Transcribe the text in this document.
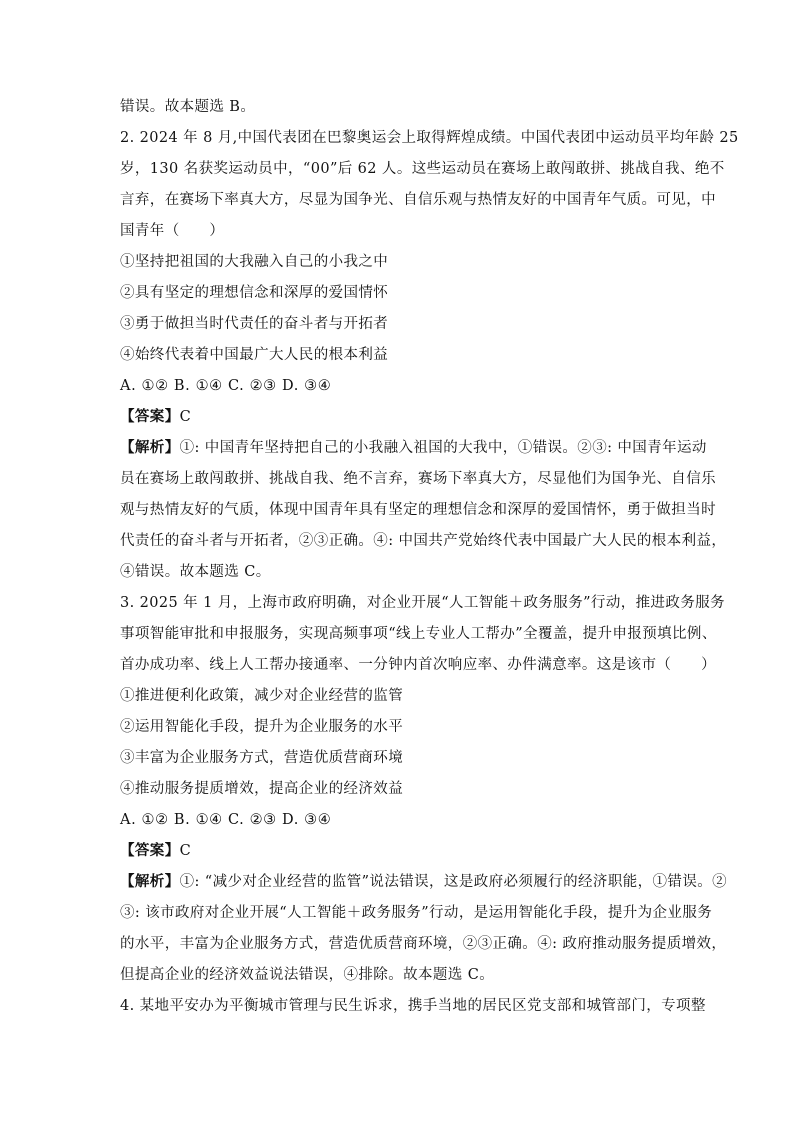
错误。故本题选 B。
2. 2024 年 8 月,中国代表团在巴黎奥运会上取得辉煌成绩。中国代表团中运动员平均年龄 25
岁，130 名获奖运动员中，“00”后 62 人。这些运动员在赛场上敢闯敢拼、挑战自我、绝不
言弃，在赛场下率真大方，尽显为国争光、自信乐观与热情友好的中国青年气质。可见，中
国青年（　　）
①坚持把祖国的大我融入自己的小我之中
②具有坚定的理想信念和深厚的爱国情怀
③勇于做担当时代责任的奋斗者与开拓者
④始终代表着中国最广大人民的根本利益
A. ①② B. ①④ C. ②③ D. ③④
【答案】C
【解析】①: 中国青年坚持把自己的小我融入祖国的大我中，①错误。②③: 中国青年运动
员在赛场上敢闯敢拼、挑战自我、绝不言弃，赛场下率真大方，尽显他们为国争光、自信乐
观与热情友好的气质，体现中国青年具有坚定的理想信念和深厚的爱国情怀，勇于做担当时
代责任的奋斗者与开拓者，②③正确。④: 中国共产党始终代表中国最广大人民的根本利益，
④错误。故本题选 C。
3. 2025 年 1 月，上海市政府明确，对企业开展“人工智能＋政务服务”行动，推进政务服务
事项智能审批和申报服务，实现高频事项“线上专业人工帮办”全覆盖，提升申报预填比例、
首办成功率、线上人工帮办接通率、一分钟内首次响应率、办件满意率。这是该市（　　）
①推进便利化政策，减少对企业经营的监管
②运用智能化手段，提升为企业服务的水平
③丰富为企业服务方式，营造优质营商环境
④推动服务提质增效，提高企业的经济效益
A. ①② B. ①④ C. ②③ D. ③④
【答案】C
【解析】①: “减少对企业经营的监管”说法错误，这是政府必须履行的经济职能，①错误。②
③: 该市政府对企业开展“人工智能＋政务服务”行动，是运用智能化手段，提升为企业服务
的水平，丰富为企业服务方式，营造优质营商环境，②③正确。④: 政府推动服务提质增效，
但提高企业的经济效益说法错误，④排除。故本题选 C。
4. 某地平安办为平衡城市管理与民生诉求，携手当地的居民区党支部和城管部门，专项整
